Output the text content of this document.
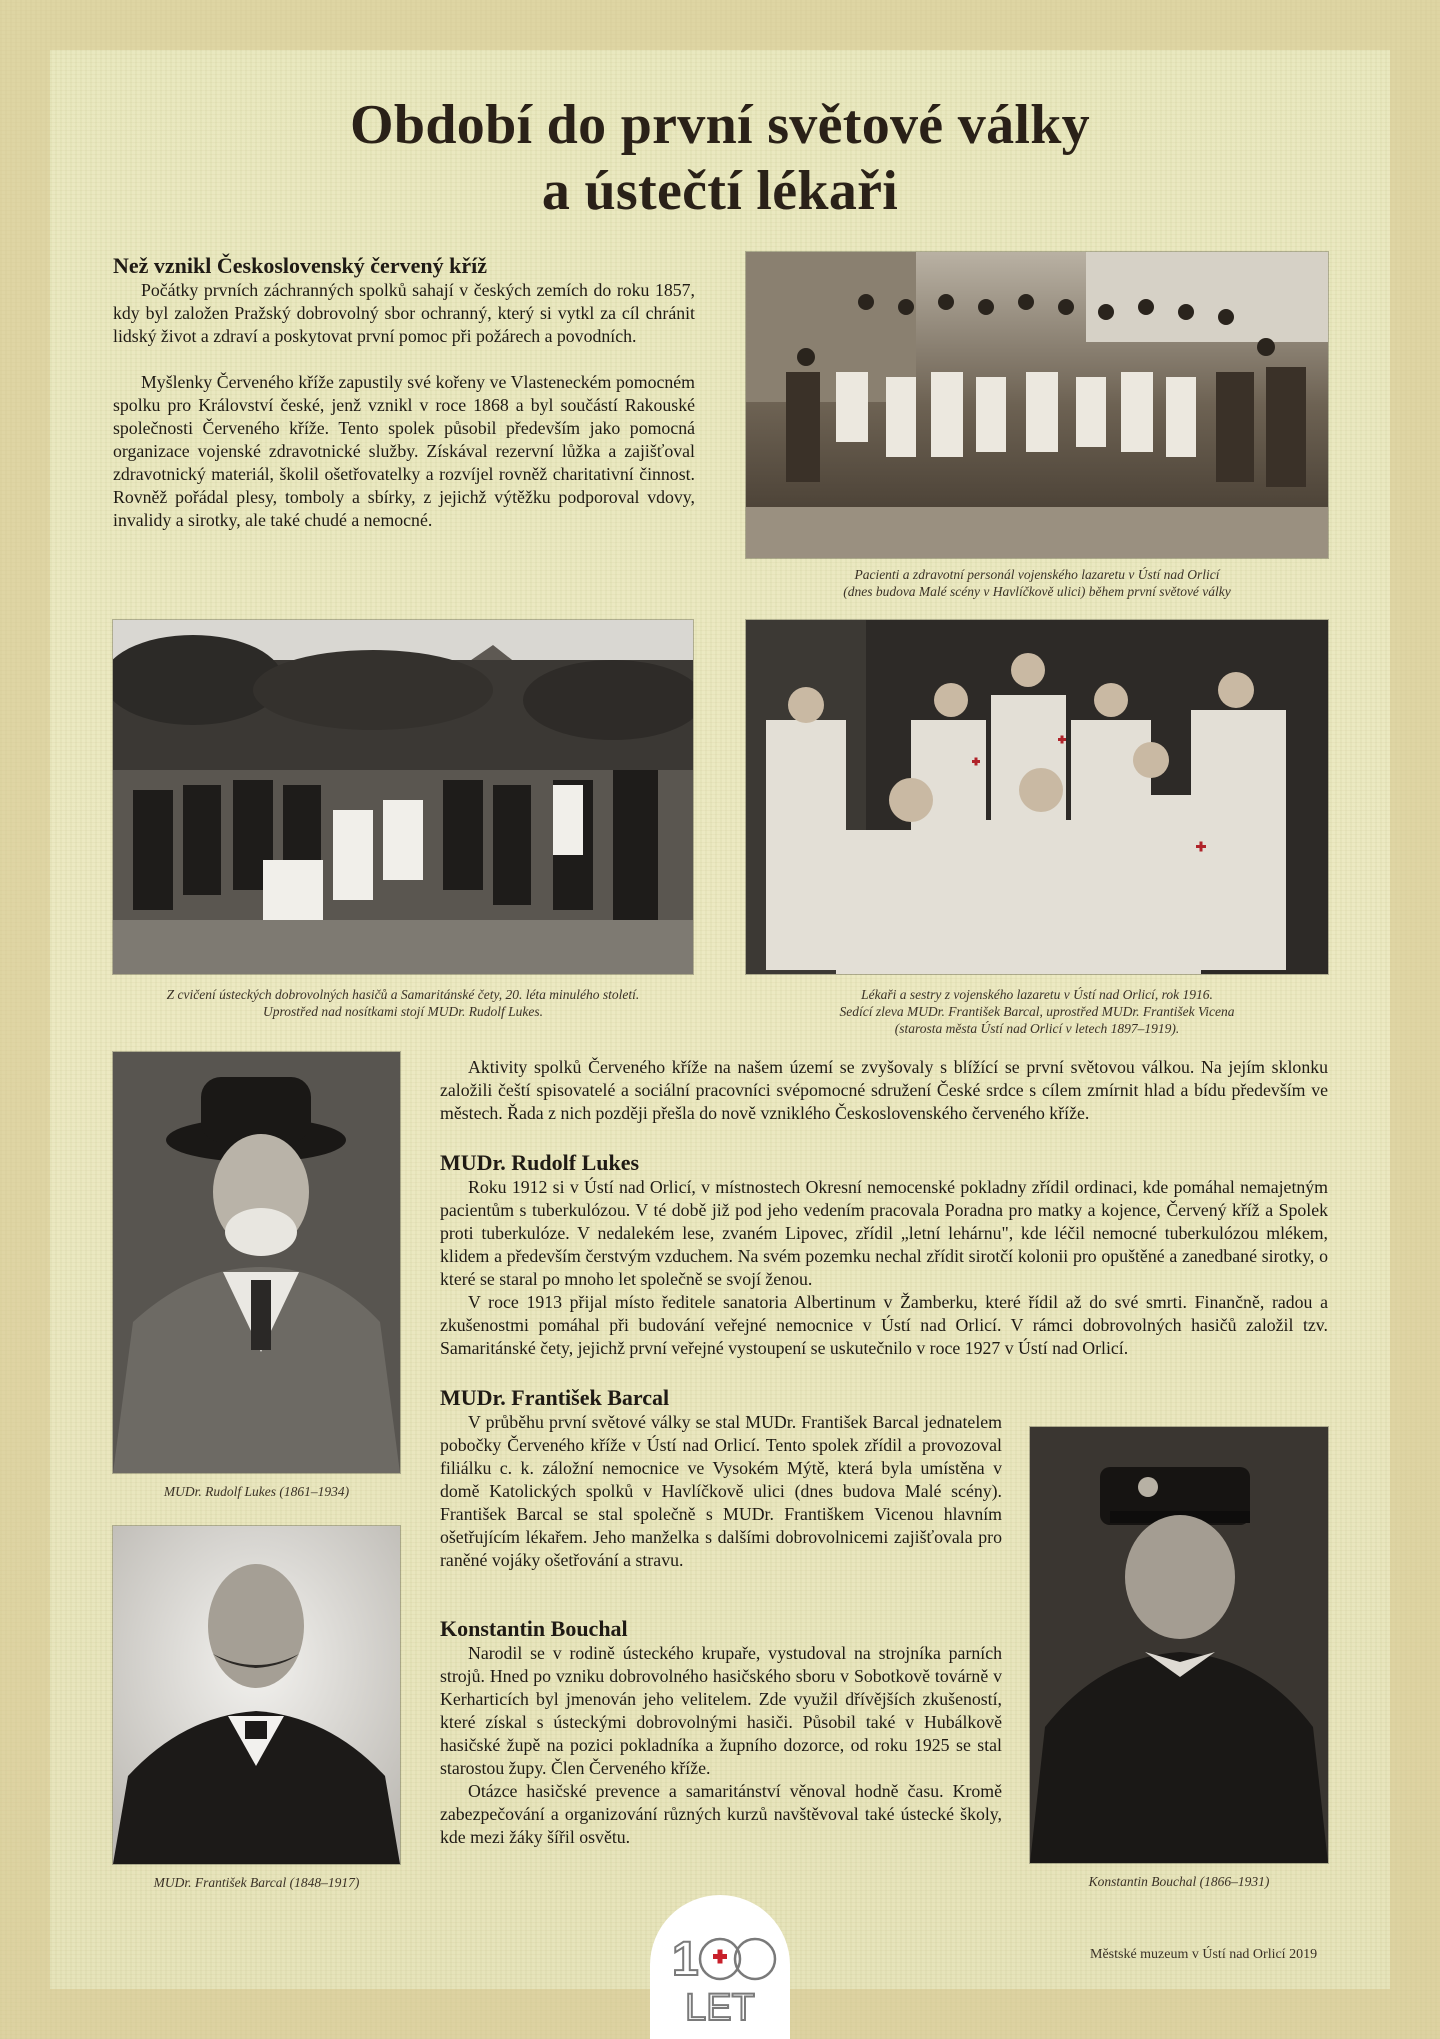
Období do první světové války
a ústečtí lékaři
Než vznikl Československý červený kříž

Počátky prvních záchranných spolků sahají v českých zemích do roku 1857, kdy byl založen Pražský dobrovolný sbor ochranný, který si vytkl za cíl chránit lidský život a zdraví a poskytovat první pomoc při požárech a povodních.

Myšlenky Červeného kříže zapustily své kořeny ve Vlasteneckém pomocném spolku pro Království české, jenž vznikl v roce 1868 a byl součástí Rakouské společnosti Červeného kříže. Tento spolek působil především jako pomocná organizace vojenské zdravotnické služby. Získával rezervní lůžka a zajišťoval zdravotnický materiál, školil ošetřovatelky a rozvíjel rovněž charitativní činnost. Rovněž pořádal plesy, tomboly a sbírky, z jejichž výtěžku podporoval vdovy, invalidy a sirotky, ale také chudé a nemocné.

Pacienti a zdravotní personál vojenského lazaretu v Ústí nad Orlicí
(dnes budova Malé scény v Havlíčkově ulici) během první světové války
Z cvičení ústeckých dobrovolných hasičů a Samaritánské čety, 20. léta minulého století.
Uprostřed nad nosítkami stojí MUDr. Rudolf Lukes.
Lékaři a sestry z vojenského lazaretu v Ústí nad Orlicí, rok 1916.
Sedící zleva MUDr. František Barcal, uprostřed MUDr. František Vicena
(starosta města Ústí nad Orlicí v letech 1897–1919).

Aktivity spolků Červeného kříže na našem území se zvyšovaly s blížící se první světovou válkou. Na jejím sklonku založili čeští spisovatelé a sociální pracovníci svépomocné sdružení České srdce s cílem zmírnit hlad a bídu především ve městech. Řada z nich později přešla do nově vzniklého Československého červeného kříže.

MUDr. Rudolf Lukes

Roku 1912 si v Ústí nad Orlicí, v místnostech Okresní nemocenské pokladny zřídil ordinaci, kde pomáhal nemajetným pacientům s tuberkulózou. V té době již pod jeho vedením pracovala Poradna pro matky a kojence, Červený kříž a Spolek proti tuberkulóze. V nedalekém lese, zvaném Lipovec, zřídil „letní lehárnu", kde léčil nemocné tuberkulózou mlékem, klidem a především čerstvým vzduchem. Na svém pozemku nechal zřídit sirotčí kolonii pro opuštěné a zanedbané sirotky, o které se staral po mnoho let společně se svojí ženou.

V roce 1913 přijal místo ředitele sanatoria Albertinum v Žamberku, které řídil až do své smrti. Finančně, radou a zkušenostmi pomáhal při budování veřejné nemocnice v Ústí nad Orlicí. V rámci dobrovolných hasičů založil tzv. Samaritánské čety, jejichž první veřejné vystoupení se uskutečnilo v roce 1927 v Ústí nad Orlicí.

MUDr. Rudolf Lukes (1861–1934)
MUDr. František Barcal

V průběhu první světové války se stal MUDr. František Barcal jednatelem pobočky Červeného kříže v Ústí nad Orlicí. Tento spolek zřídil a provozoval filiálku c. k. záložní nemocnice ve Vysokém Mýtě, která byla umístěna v domě Katolických spolků v Havlíčkově ulici (dnes budova Malé scény). František Barcal se stal společně s MUDr. Františkem Vicenou hlavním ošetřujícím lékařem. Jeho manželka s dalšími dobrovolnicemi zajišťovala pro raněné vojáky ošetřování a stravu.

MUDr. František Barcal (1848–1917)
Konstantin Bouchal

Narodil se v rodině ústeckého krupaře, vystudoval na strojníka parních strojů. Hned po vzniku dobrovolného hasičského sboru v Sobotkově továrně v Kerharticích byl jmenován jeho velitelem. Zde využil dřívějších zkušeností, které získal s ústeckými dobrovolnými hasiči. Působil také v Hubálkově hasičské župě na pozici pokladníka a župního dozorce, od roku 1925 se stal starostou župy. Člen Červeného kříže.

Otázce hasičské prevence a samaritánství věnoval hodně času. Kromě zabezpečování a organizování různých kurzů navštěvoval také ústecké školy, kde mezi žáky šířil osvětu.

Konstantin Bouchal (1866–1931)
1
LET
Městské muzeum v Ústí nad Orlicí 2019
